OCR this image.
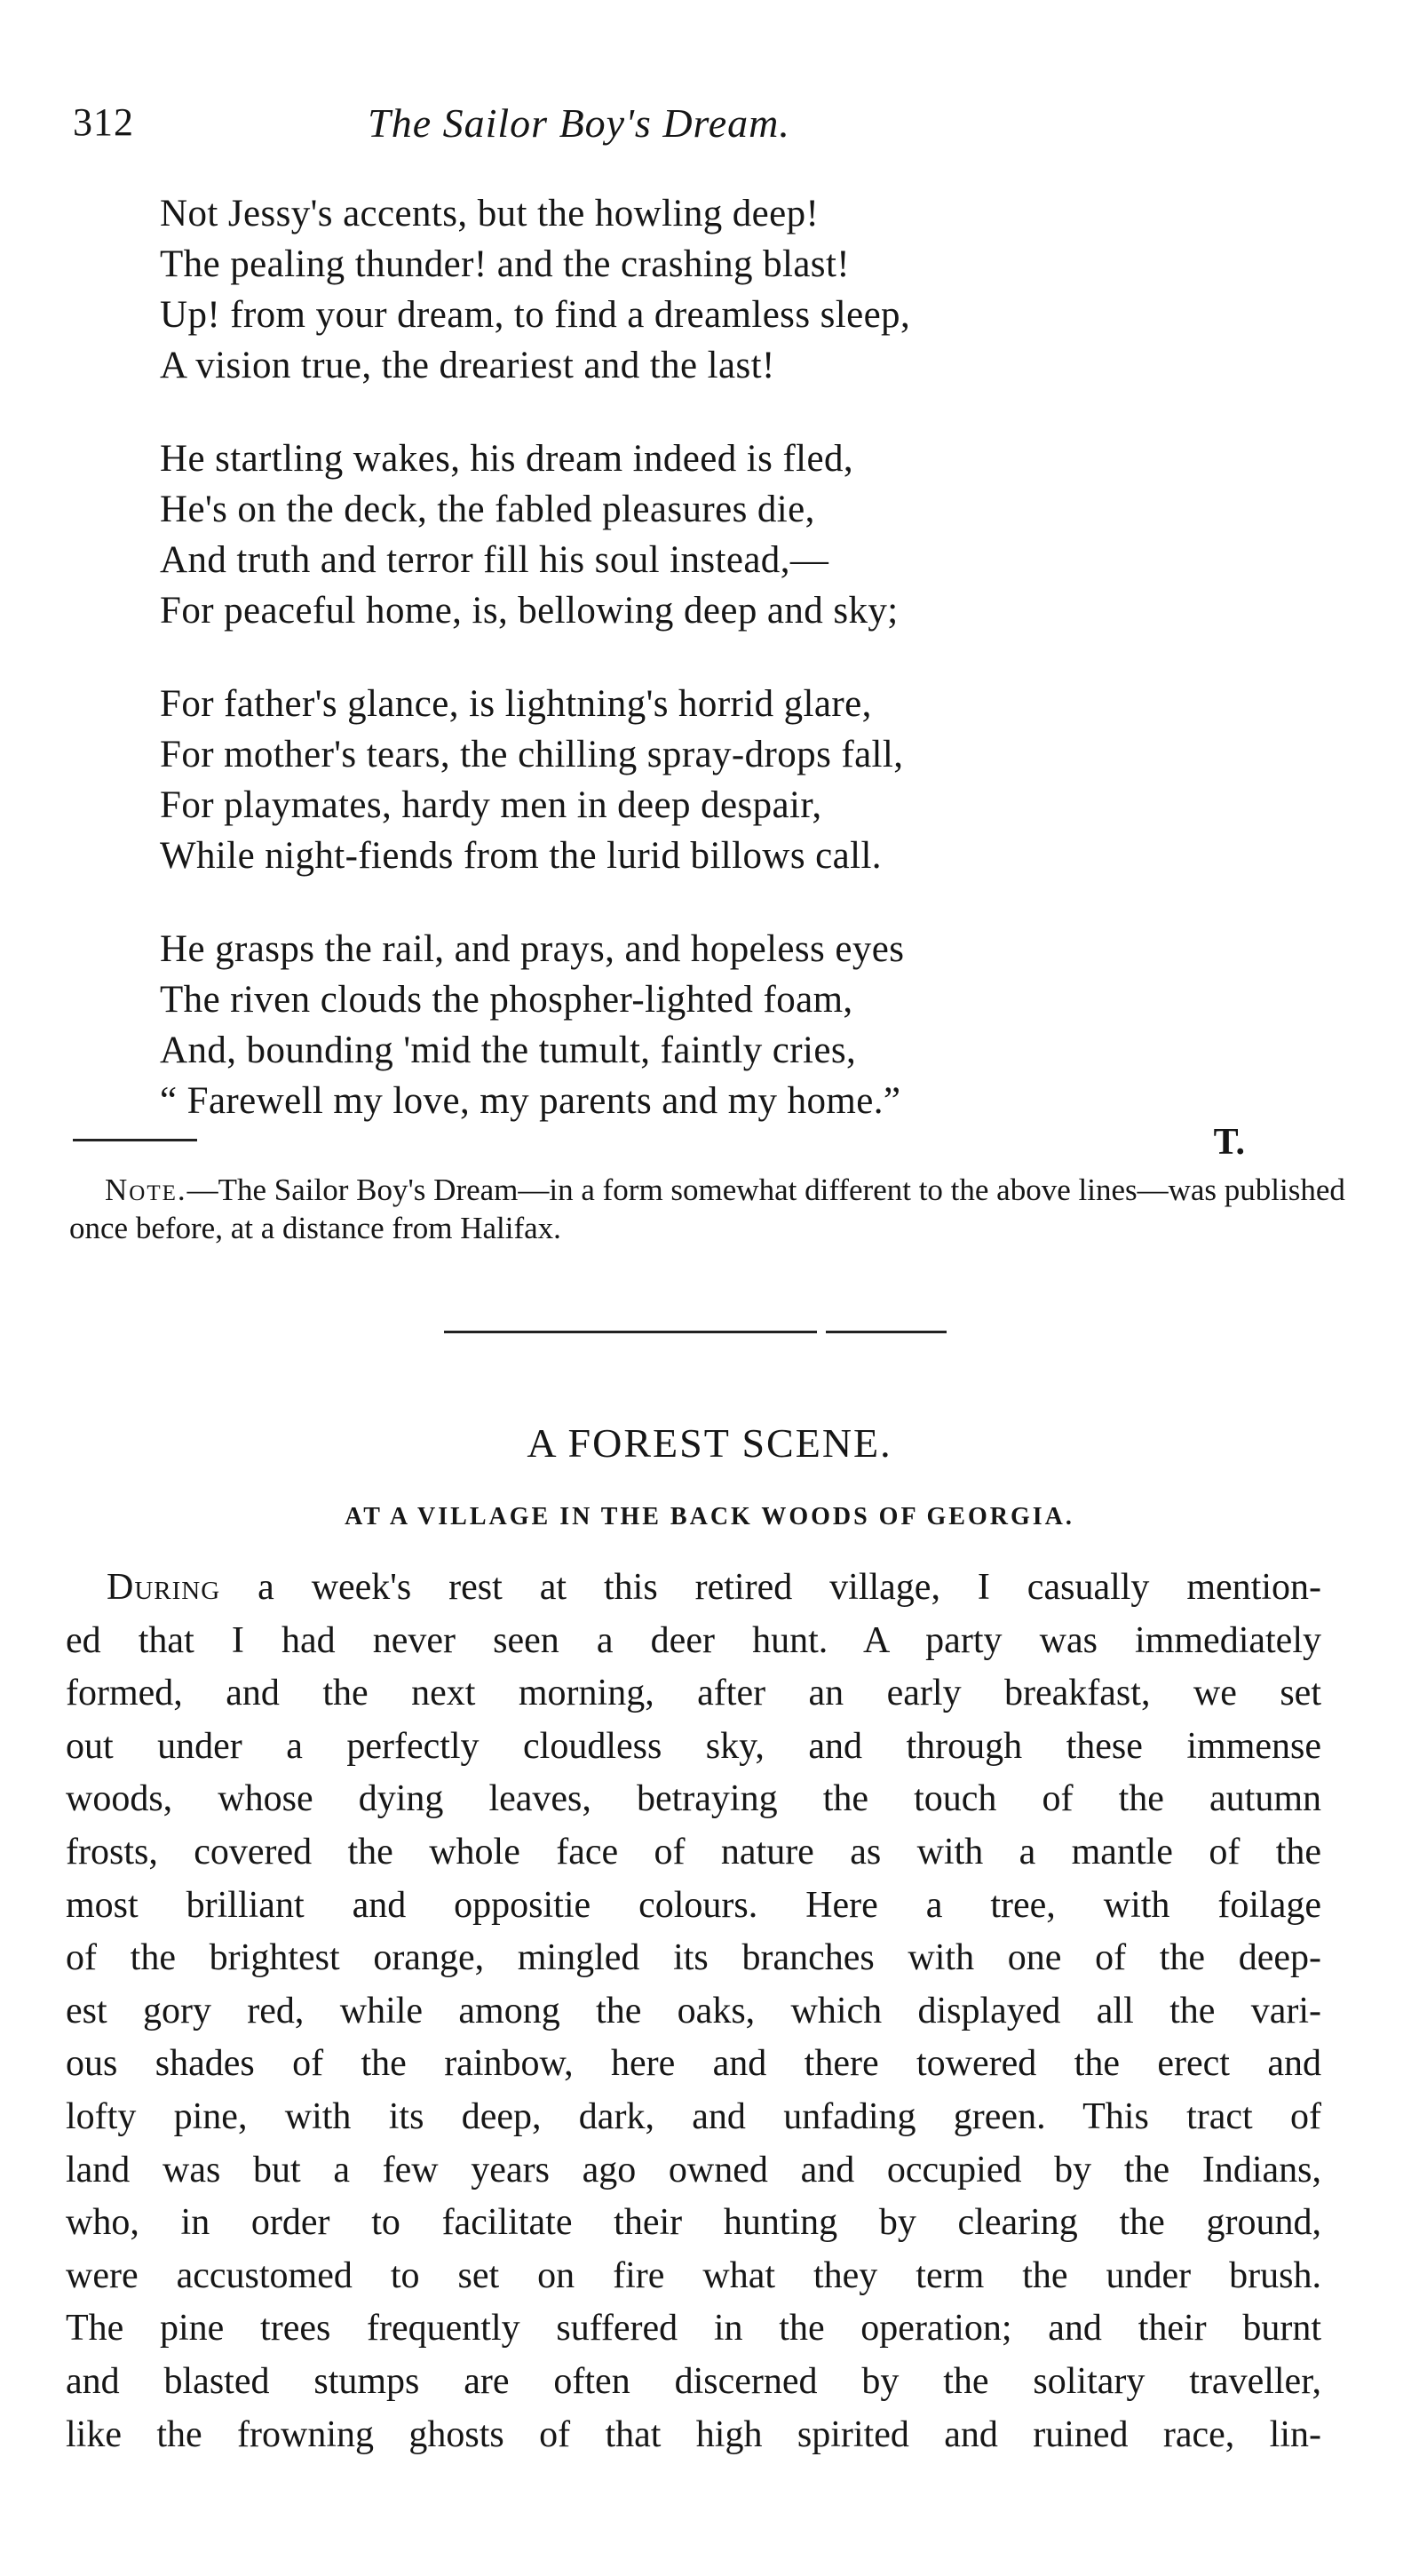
312	The Sailor Boy's Dream.
Not Jessy's accents, but the howling deep!
The pealing thunder! and the crashing blast!
Up! from your dream, to find a dreamless sleep,
A vision true, the dreariest and the last!
He startling wakes, his dream indeed is fled,
He's on the deck, the fabled pleasures die,
And truth and terror fill his soul instead,—
For peaceful home, is, bellowing deep and sky;
For father's glance, is lightning's horrid glare,
For mother's tears, the chilling spray-drops fall,
For playmates, hardy men in deep despair,
While night-fiends from the lurid billows call.
He grasps the rail, and prays, and hopeless eyes
The riven clouds the phospher-lighted foam,
And, bounding 'mid the tumult, faintly cries,
“ Farewell my love, my parents and my home.”
T.
Note.—The Sailor Boy's Dream—in a form somewhat different to the above lines—was published once before, at a distance from Halifax.
A FOREST SCENE.
AT A VILLAGE IN THE BACK WOODS OF GEORGIA.
During a week's rest at this retired village, I casually mention-
ed that I had never seen a deer hunt. A party was immediately
formed, and the next morning, after an early breakfast, we set
out under a perfectly cloudless sky, and through these immense
woods, whose dying leaves, betraying the touch of the autumn
frosts, covered the whole face of nature as with a mantle of the
most brilliant and oppositie colours. Here a tree, with foilage
of the brightest orange, mingled its branches with one of the deep-
est gory red, while among the oaks, which displayed all the vari-
ous shades of the rainbow, here and there towered the erect and
lofty pine, with its deep, dark, and unfading green. This tract of
land was but a few years ago owned and occupied by the Indians,
who, in order to facilitate their hunting by clearing the ground,
were accustomed to set on fire what they term the under brush.
The pine trees frequently suffered in the operation; and their burnt
and blasted stumps are often discerned by the solitary traveller,
like the frowning ghosts of that high spirited and ruined race, lin-
